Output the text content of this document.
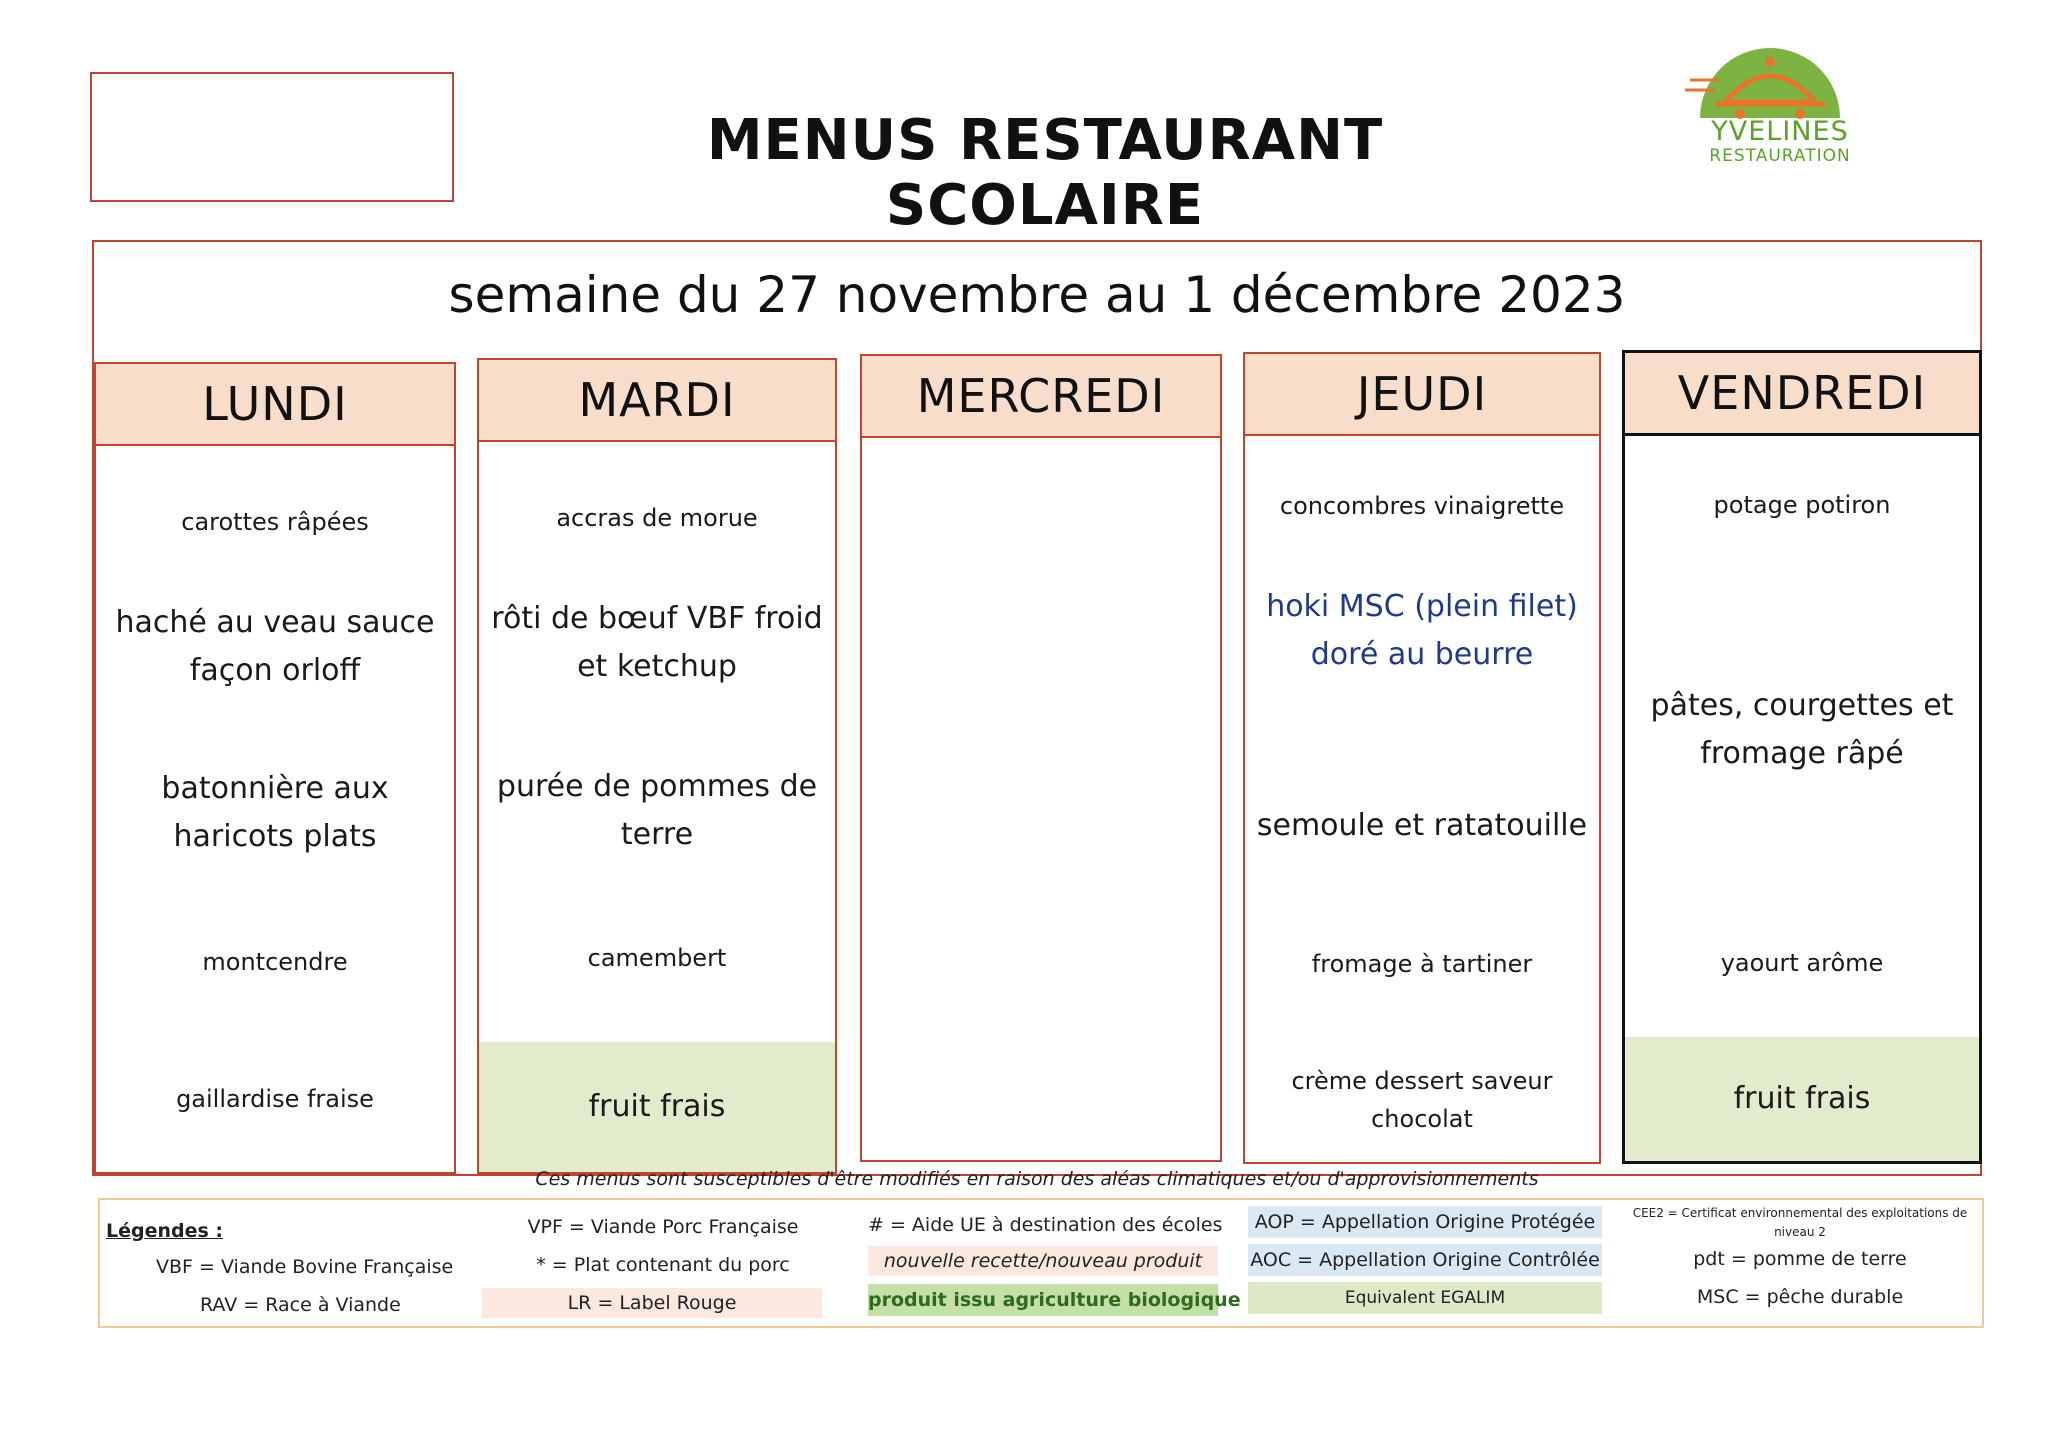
MENUS RESTAURANT SCOLAIRE
YVELINES
RESTAURATION
semaine du 27 novembre au 1 décembre 2023
LUNDI
carottes râpées
haché au veau sauce façon orloff
batonnière aux haricots plats
montcendre
gaillardise fraise
MARDI
accras de morue
rôti de bœuf VBF froid et ketchup
purée de pommes de terre
camembert
fruit frais
MERCREDI	JEUDI
concombres vinaigrette
hoki MSC (plein filet) doré au beurre
semoule et ratatouille
fromage à tartiner
crème dessert saveur chocolat
VENDREDI
potage potiron
pâtes, courgettes et fromage râpé
yaourt arôme
fruit frais
Ces menus sont susceptibles d'être modifiés en raison des aléas climatiques et/ou d'approvisionnements
Légendes :
VBF = Viande Bovine Française
RAV = Race à Viande
VPF = Viande Porc Française
* = Plat contenant du porc
LR = Label Rouge
# = Aide UE à destination des écoles
nouvelle recette/nouveau produit
produit issu agriculture biologique
AOP = Appellation Origine Protégée
AOC = Appellation Origine Contrôlée
Equivalent EGALIM
CEE2 = Certificat environnemental des exploitations de niveau 2
pdt = pomme de terre
MSC = pêche durable
